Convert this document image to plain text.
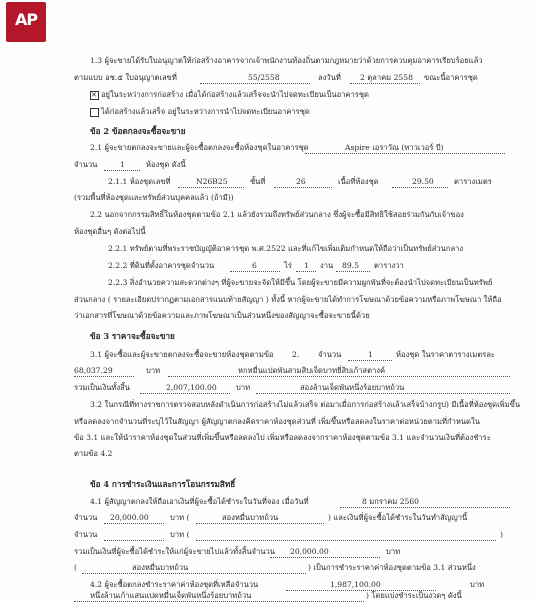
AP
1.3 ผู้จะขายได้รับใบอนุญาตให้ก่อสร้างอาคารจากเจ้าพนักงานท้องถิ่นตามกฎหมายว่าด้วยการควบคุมอาคารเรียบร้อยแล้ว
ตามแบบ อช.๕ ใบอนุญาตเลขที่	55/2558	ลงวันที่	2 ตุลาคม 2558 ขณะนี้อาคารชุด
✕
อยู่ในระหว่างการก่อสร้าง เมื่อได้ก่อสร้างแล้วเสร็จจะนำไปจดทะเบียนเป็นอาคารชุด
ได้ก่อสร้างแล้วเสร็จ อยู่ในระหว่างการนำไปจดทะเบียนอาคารชุด
ข้อ 2 ข้อตกลงจะซื้อจะขาย
2.1 ผู้จะขายตกลงจะขายและผู้จะซื้อตกลงจะซื้อห้องชุดในอาคารชุด	Aspire เอราวัณ (ทาวเวอร์ บี)
จำนวน	1	ห้องชุด ดังนี้
2.1.1 ห้องชุดเลขที่	N26B25	ชั้นที่	26	เนื้อที่ห้องชุด	29.50	ตารางเมตร
(รวมพื้นที่ห้องชุดและทรัพย์ส่วนบุคคลแล้ว (ถ้ามี))
2.2 นอกจากกรรมสิทธิ์ในห้องชุดตามข้อ 2.1 แล้วยังรวมถึงทรัพย์ส่วนกลาง ซึ่งผู้จะซื้อมีสิทธิใช้สอยร่วมกันกับเจ้าของ
ห้องชุดอื่นๆ ดังต่อไปนี้
2.2.1 ทรัพย์ตามที่พระราชบัญญัติอาคารชุด พ.ศ.2522 และที่แก้ไขเพิ่มเติมกำหนดให้ถือว่าเป็นทรัพย์ส่วนกลาง
2.2.2 ที่ดินที่ตั้งอาคารชุดจำนวน	6	ไร่ 1 งาน 89.5 ตารางวา
2.2.3 สิ่งอำนวยความสะดวกต่างๆ ที่ผู้จะขายจะจัดให้มีขึ้น โดยผู้จะขายมีความผูกพันที่จะต้องนำไปจดทะเบียนเป็นทรัพย์
ส่วนกลาง ( รายละเอียดปรากฏตามเอกสารแนบท้ายสัญญา ) ทั้งนี้ หากผู้จะขายได้ทำการโฆษณาด้วยข้อความหรือภาพโฆษณา ให้ถือ
ว่าเอกสารที่โฆษณาด้วยข้อความและภาพโฆษณาเป็นส่วนหนึ่งของสัญญาจะซื้อจะขายนี้ด้วย
ข้อ 3 ราคาจะซื้อจะขาย
3.1 ผู้จะซื้อและผู้จะขายตกลงจะซื้อจะขายห้องชุดตามข้อ 2. จำนวน	1	ห้องชุด ในราคาตารางเมตรละ
68,037.29	บาท	หกหมื่นแปดพันสามสิบเจ็ดบาทยี่สิบเก้าสตางค์
รวมเป็นเงินทั้งสิ้น	2,007,100.00	บาท	สองล้านเจ็ดพันหนึ่งร้อยบาทถ้วน
3.2 ในกรณีที่ทางราชการตรวจสอบหลังดำเนินการก่อสร้างไม่แล้วเสร็จ ต่อมาเมื่อการก่อสร้างแล้วเสร็จบ้างกรูป) มีเนื้อที่ห้องชุดเพิ่มขึ้น
หรือลดลงจากจำนวนที่ระบุไว้ในสัญญา ผู้สัญญาตกลงคิดราคาห้องชุดส่วนที่ เพิ่มขึ้นหรือลดลงในราคาต่อหน่วยตามที่กำหนดใน
ข้อ 3.1 และให้นำราคาห้องชุดในส่วนที่เพิ่มขึ้นหรือลดลงไป เพิ่มหรือลดลงจากราคาห้องชุดตามข้อ 3.1 และจำนวนเงินที่ต้องชำระ
ตามข้อ 4.2
ข้อ 4 การชำระเงินและการโอนกรรมสิทธิ์
4.1 ผู้สัญญาตกลงให้ถือเอาเงินที่ผู้จะซื้อได้ชำระในวันที่จอง เมื่อวันที่	8 มกราคม 2560
จำนวน 20,000.00	บาท (	สองหมื่นบาทถ้วน	) และเงินที่ผู้จะซื้อได้ชำระในวันทำสัญญานี้
จำนวน	บาท (	)
รวมเป็นเงินที่ผู้จะซื้อได้ชำระให้แก่ผู้จะขายไปแล้วทั้งสิ้นจำนวน 20,000.00	บาท
(	สองหมื่นบาทถ้วน	) เป็นการชำระราคาค่าห้องชุดตามข้อ 3.1 ส่วนหนึ่ง
4.2 ผู้จะซื้อตกลงชำระราคาค่าห้องชุดที่เหลือจำนวน	1,987,100.00	บาท
หนึ่งล้านเก้าแสนแปดหมื่นเจ็ดพันหนึ่งร้อยบาทถ้วน	) โดยแบ่งชำระเป็นงวดๆ ดังนี้
